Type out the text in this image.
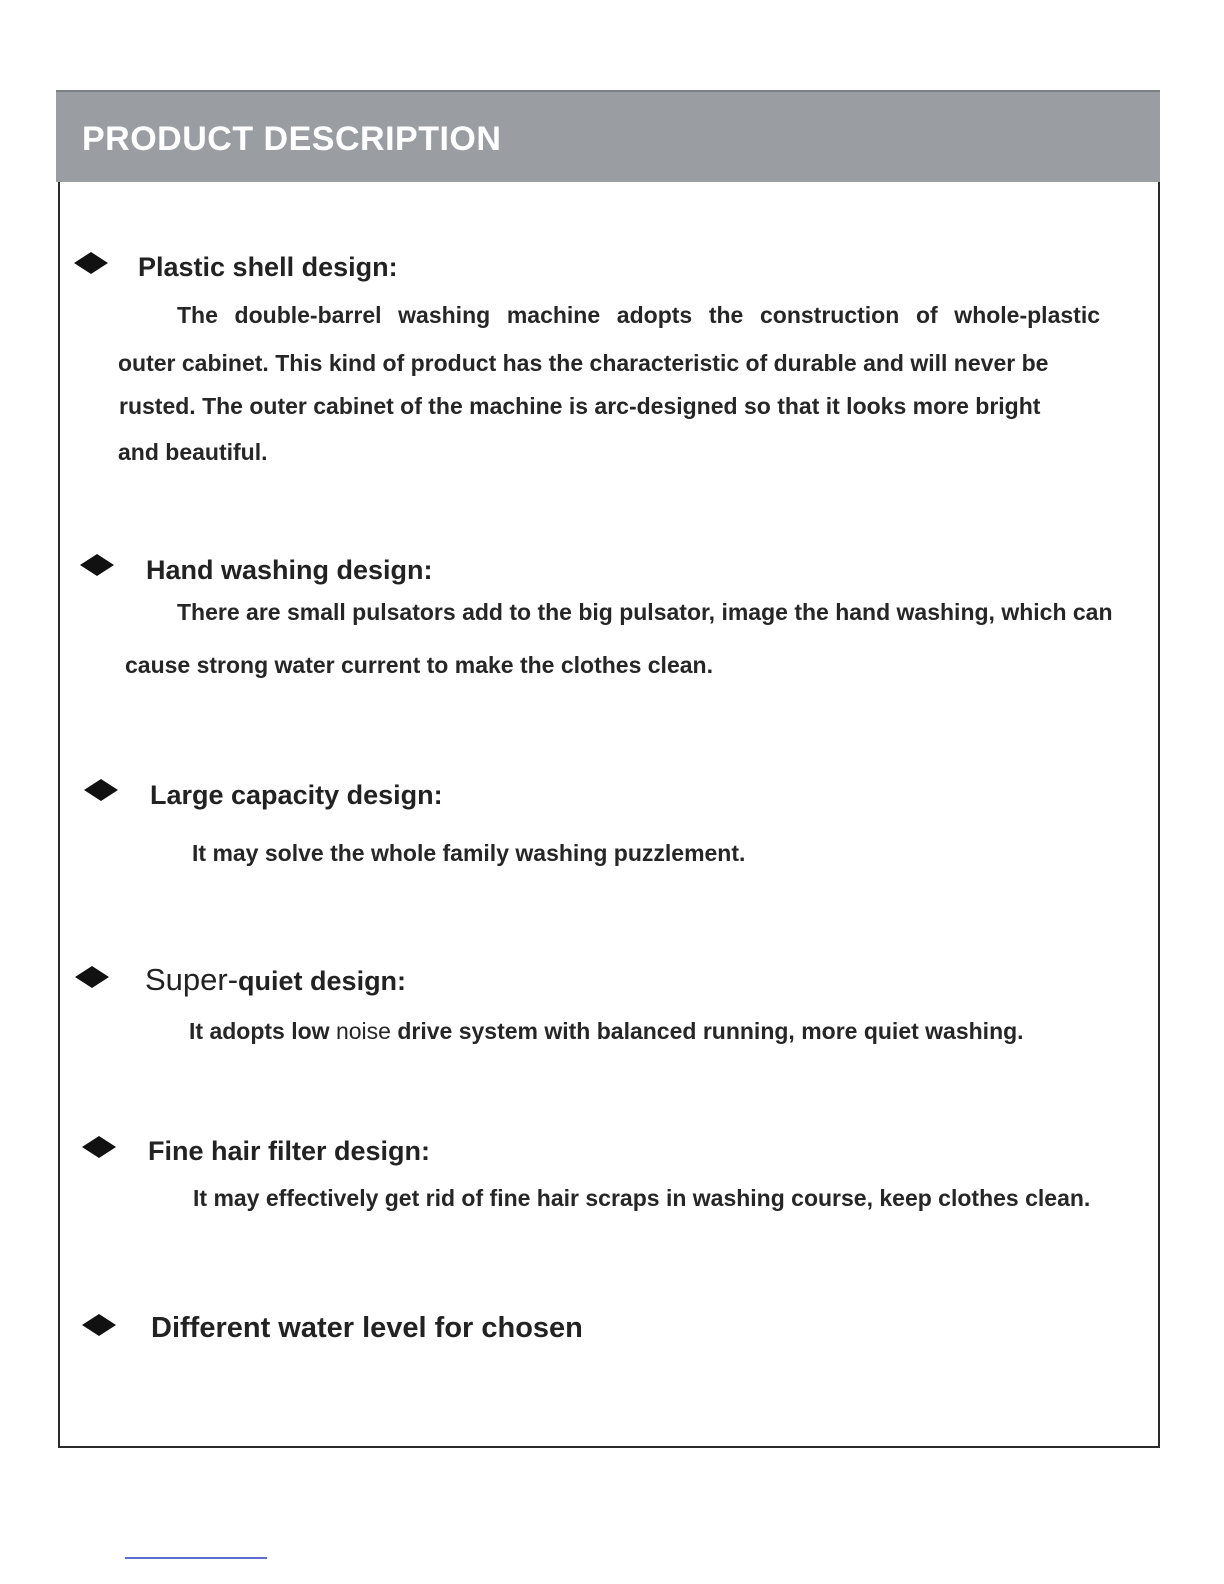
PRODUCT DESCRIPTION
Plastic shell design:

The double-barrel washing machine adopts the construction of whole-plastic

outer cabinet. This kind of product has the characteristic of durable and will never be

rusted. The outer cabinet of the machine is arc-designed so that it looks more bright

and beautiful.

Hand washing design:

There are small pulsators add to the big pulsator, image the hand washing, which can

cause strong water current to make the clothes clean.

Large capacity design:

It may solve the whole family washing puzzlement.

Super-quiet design:

It adopts low noise drive system with balanced running, more quiet washing.

Fine hair filter design:

It may effectively get rid of fine hair scraps in washing course, keep clothes clean.

Different water level for chosen
